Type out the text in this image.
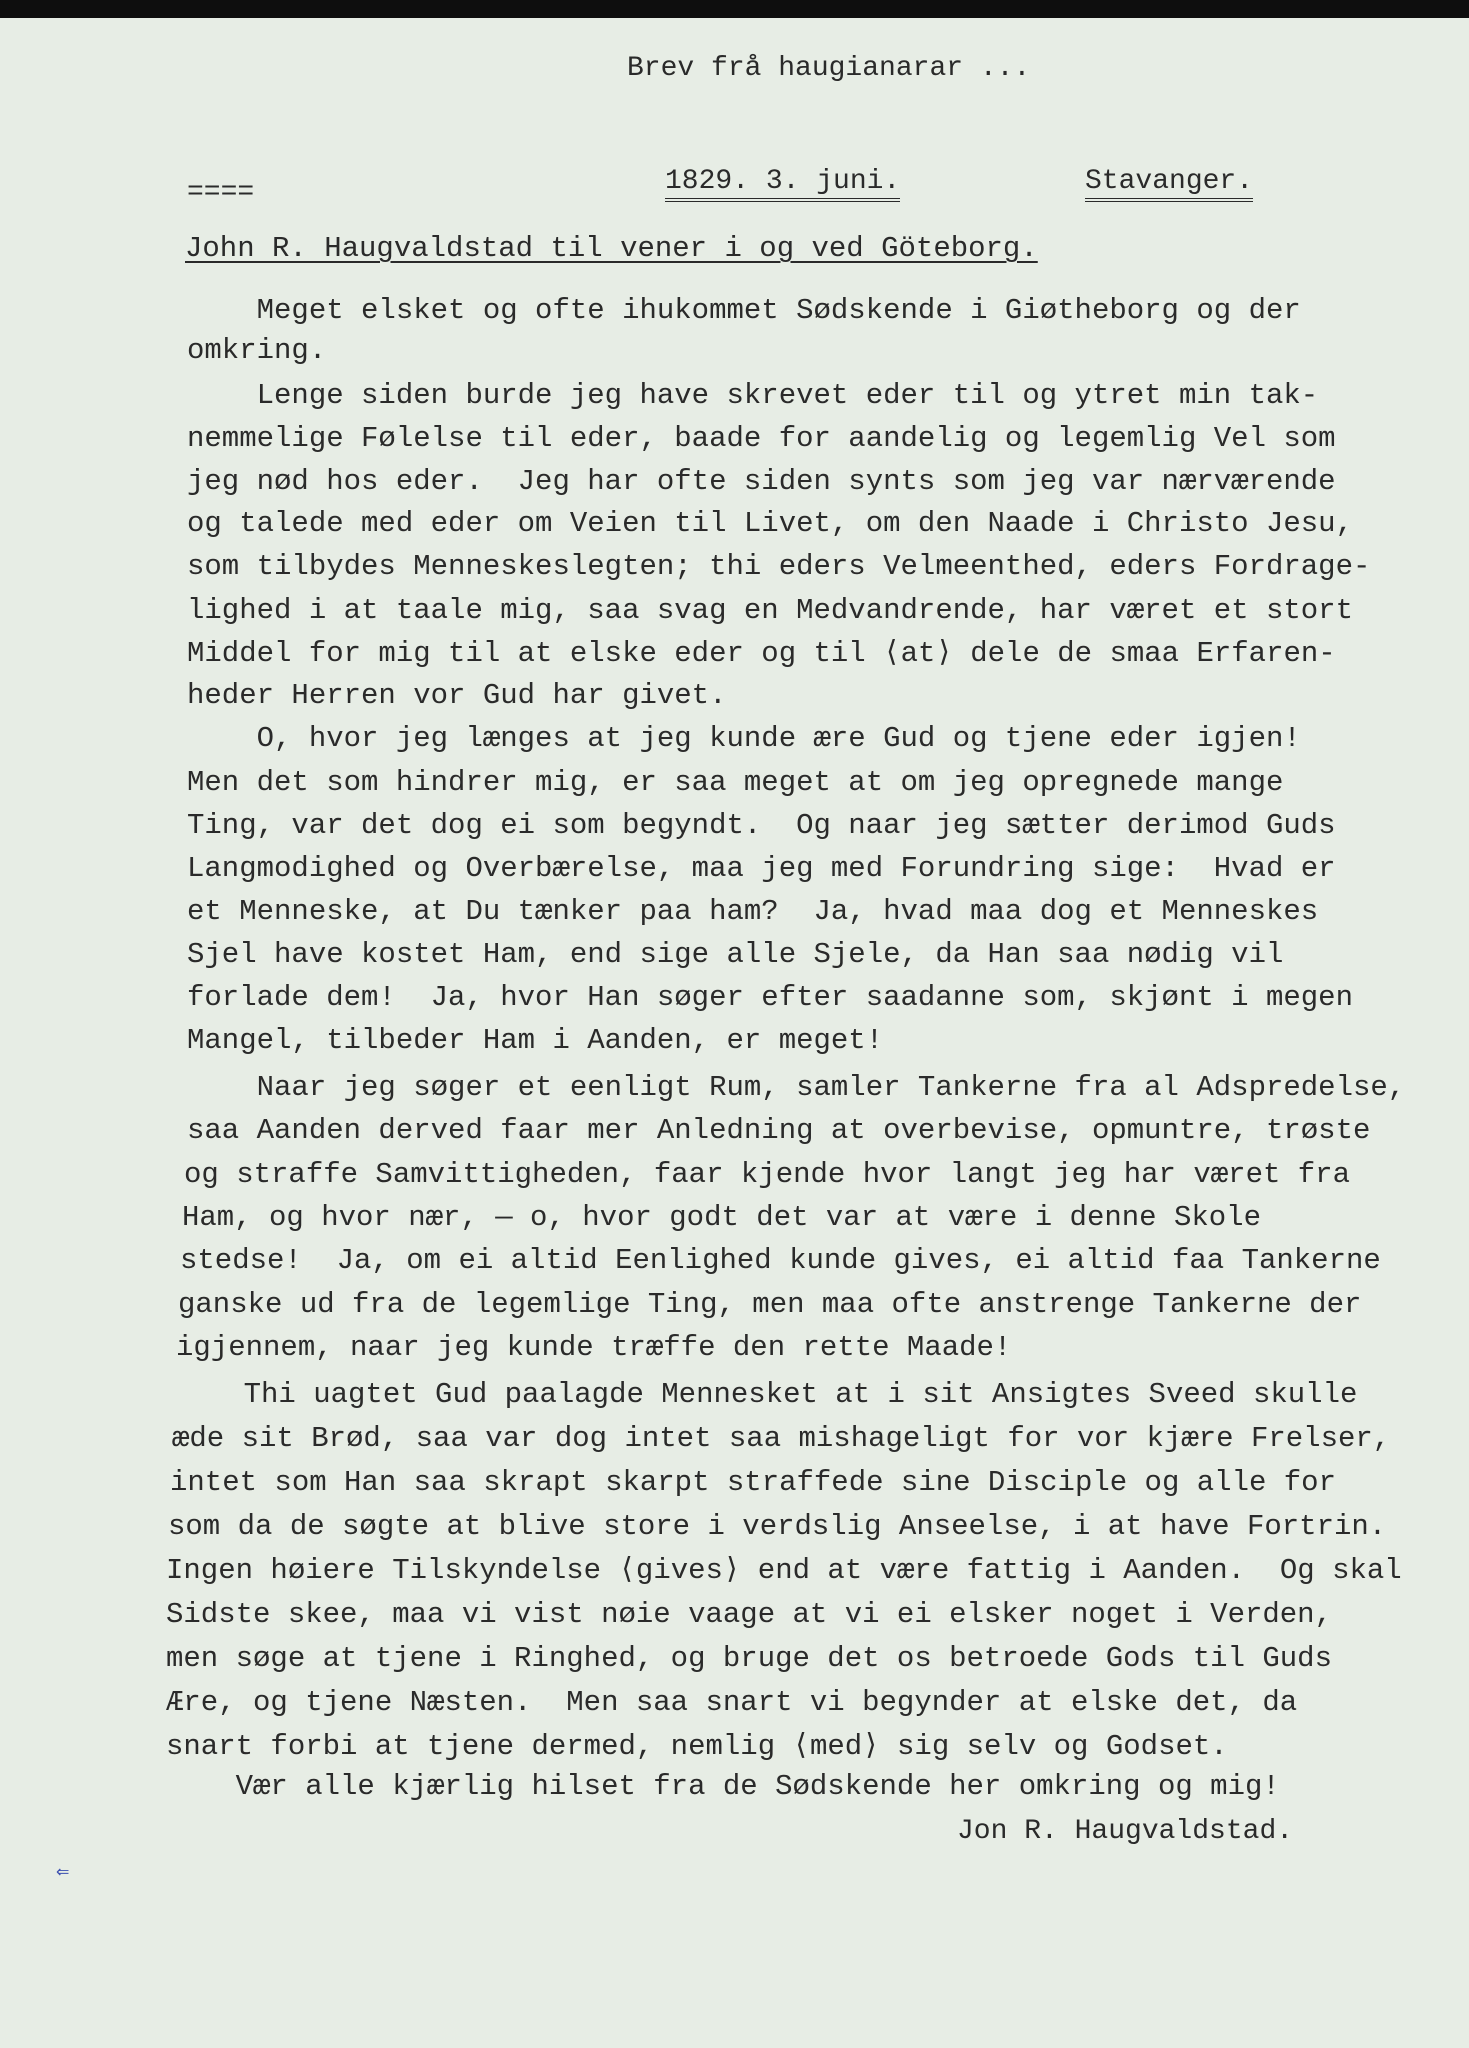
Brev frå haugianarar ...
====	1829. 3. juni.	Stavanger.
John R. Haugvaldstad til vener i og ved Göteborg.
Meget elsket og ofte ihukommet Sødskende i Giøtheborg og der
omkring.
Lenge siden burde jeg have skrevet eder til og ytret min tak-
nemmelige Følelse til eder, baade for aandelig og legemlig Vel som
jeg nød hos eder.  Jeg har ofte siden synts som jeg var nærværende
og talede med eder om Veien til Livet, om den Naade i Christo Jesu,
som tilbydes Menneskeslegten; thi eders Velmeenthed, eders Fordrage-
lighed i at taale mig, saa svag en Medvandrende, har været et stort
Middel for mig til at elske eder og til ⟨at⟩ dele de smaa Erfaren-
heder Herren vor Gud har givet.
O, hvor jeg længes at jeg kunde ære Gud og tjene eder igjen!
Men det som hindrer mig, er saa meget at om jeg opregnede mange
Ting, var det dog ei som begyndt.  Og naar jeg sætter derimod Guds
Langmodighed og Overbærelse, maa jeg med Forundring sige:  Hvad er
et Menneske, at Du tænker paa ham?  Ja, hvad maa dog et Menneskes
Sjel have kostet Ham, end sige alle Sjele, da Han saa nødig vil
forlade dem!  Ja, hvor Han søger efter saadanne som, skjønt i megen
Mangel, tilbeder Ham i Aanden, er meget!
Naar jeg søger et eenligt Rum, samler Tankerne fra al Adspredelse,
saa Aanden derved faar mer Anledning at overbevise, opmuntre, trøste
og straffe Samvittigheden, faar kjende hvor langt jeg har været fra
Ham, og hvor nær, — o, hvor godt det var at være i denne Skole
stedse!  Ja, om ei altid Eenlighed kunde gives, ei altid faa Tankerne
ganske ud fra de legemlige Ting, men maa ofte anstrenge Tankerne der
igjennem, naar jeg kunde træffe den rette Maade!
Thi uagtet Gud paalagde Mennesket at i sit Ansigtes Sveed skulle
æde sit Brød, saa var dog intet saa mishageligt for vor kjære Frelser,
intet som Han saa skrapt skarpt straffede sine Disciple og alle for
som da de søgte at blive store i verdslig Anseelse, i at have Fortrin.
Ingen høiere Tilskyndelse ⟨gives⟩ end at være fattig i Aanden.  Og skal
Sidste skee, maa vi vist nøie vaage at vi ei elsker noget i Verden,
men søge at tjene i Ringhed, og bruge det os betroede Gods til Guds
Ære, og tjene Næsten.  Men saa snart vi begynder at elske det, da
snart forbi at tjene dermed, nemlig ⟨med⟩ sig selv og Godset.
Vær alle kjærlig hilset fra de Sødskende her omkring og mig!
Jon R. Haugvaldstad.
⇐
